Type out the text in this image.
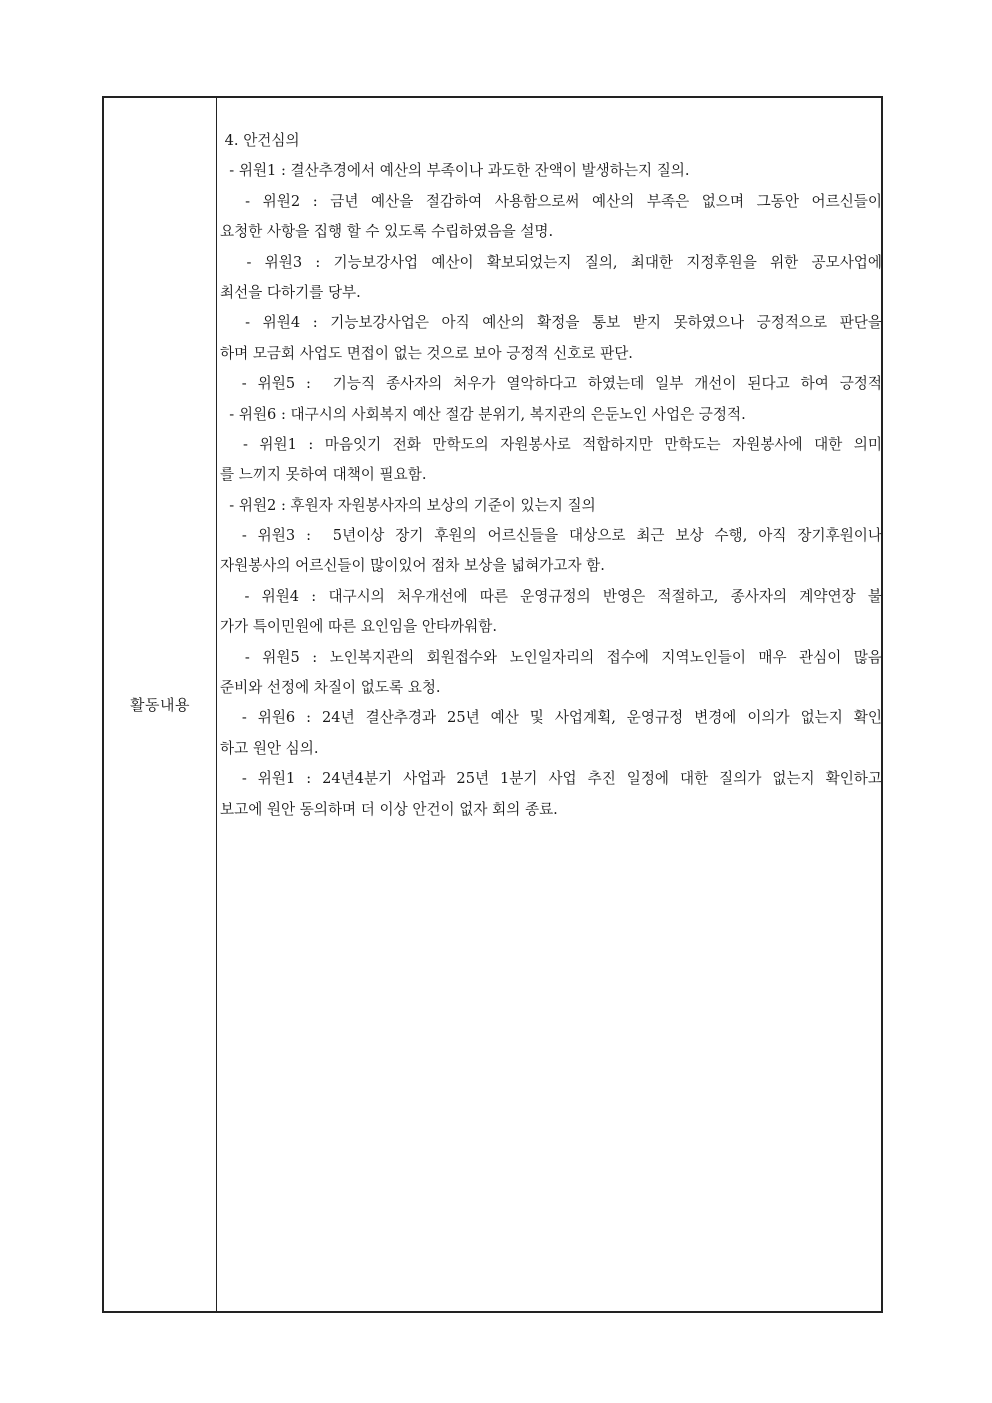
활동내용
4. 안건심의
- 위원1 : 결산추경에서 예산의 부족이나 과도한 잔액이 발생하는지 질의.
- 위원2 : 금년 예산을 절감하여 사용함으로써 예산의 부족은 없으며 그동안 어르신들이
요청한 사항을 집행 할 수 있도록 수립하였음을 설명.
- 위원3 : 기능보강사업 예산이 확보되었는지 질의, 최대한 지정후원을 위한 공모사업에
최선을 다하기를 당부.
- 위원4 : 기능보강사업은 아직 예산의 확정을 통보 받지 못하였으나 긍정적으로 판단을
하며 모금회 사업도 면접이 없는 것으로 보아 긍정적 신호로 판단.
- 위원5 :  기능직 종사자의 처우가 열악하다고 하였는데 일부 개선이 된다고 하여 긍정적
- 위원6 : 대구시의 사회복지 예산 절감 분위기, 복지관의 은둔노인 사업은 긍정적.
- 위원1 : 마음잇기 전화 만학도의 자원봉사로 적합하지만 만학도는 자원봉사에 대한 의미
를 느끼지 못하여 대책이 필요함.
- 위원2 : 후원자 자원봉사자의 보상의 기준이 있는지 질의
- 위원3 :  5년이상 장기 후원의 어르신들을 대상으로 최근 보상 수행, 아직 장기후원이나
자원봉사의 어르신들이 많이있어 점차 보상을 넓혀가고자 함.
- 위원4 : 대구시의 처우개선에 따른 운영규정의 반영은 적절하고, 종사자의 계약연장 불
가가 특이민원에 따른 요인임을 안타까워함.
- 위원5 : 노인복지관의 회원접수와 노인일자리의 접수에 지역노인들이 매우 관심이 많음
준비와 선정에 차질이 없도록 요청.
- 위원6 : 24년 결산추경과 25년 예산 및 사업계획, 운영규정 변경에 이의가 없는지 확인
하고 원안 심의.
- 위원1 : 24년4분기 사업과 25년 1분기 사업 추진 일정에 대한 질의가 없는지 확인하고
보고에 원안 동의하며 더 이상 안건이 없자 회의 종료.
